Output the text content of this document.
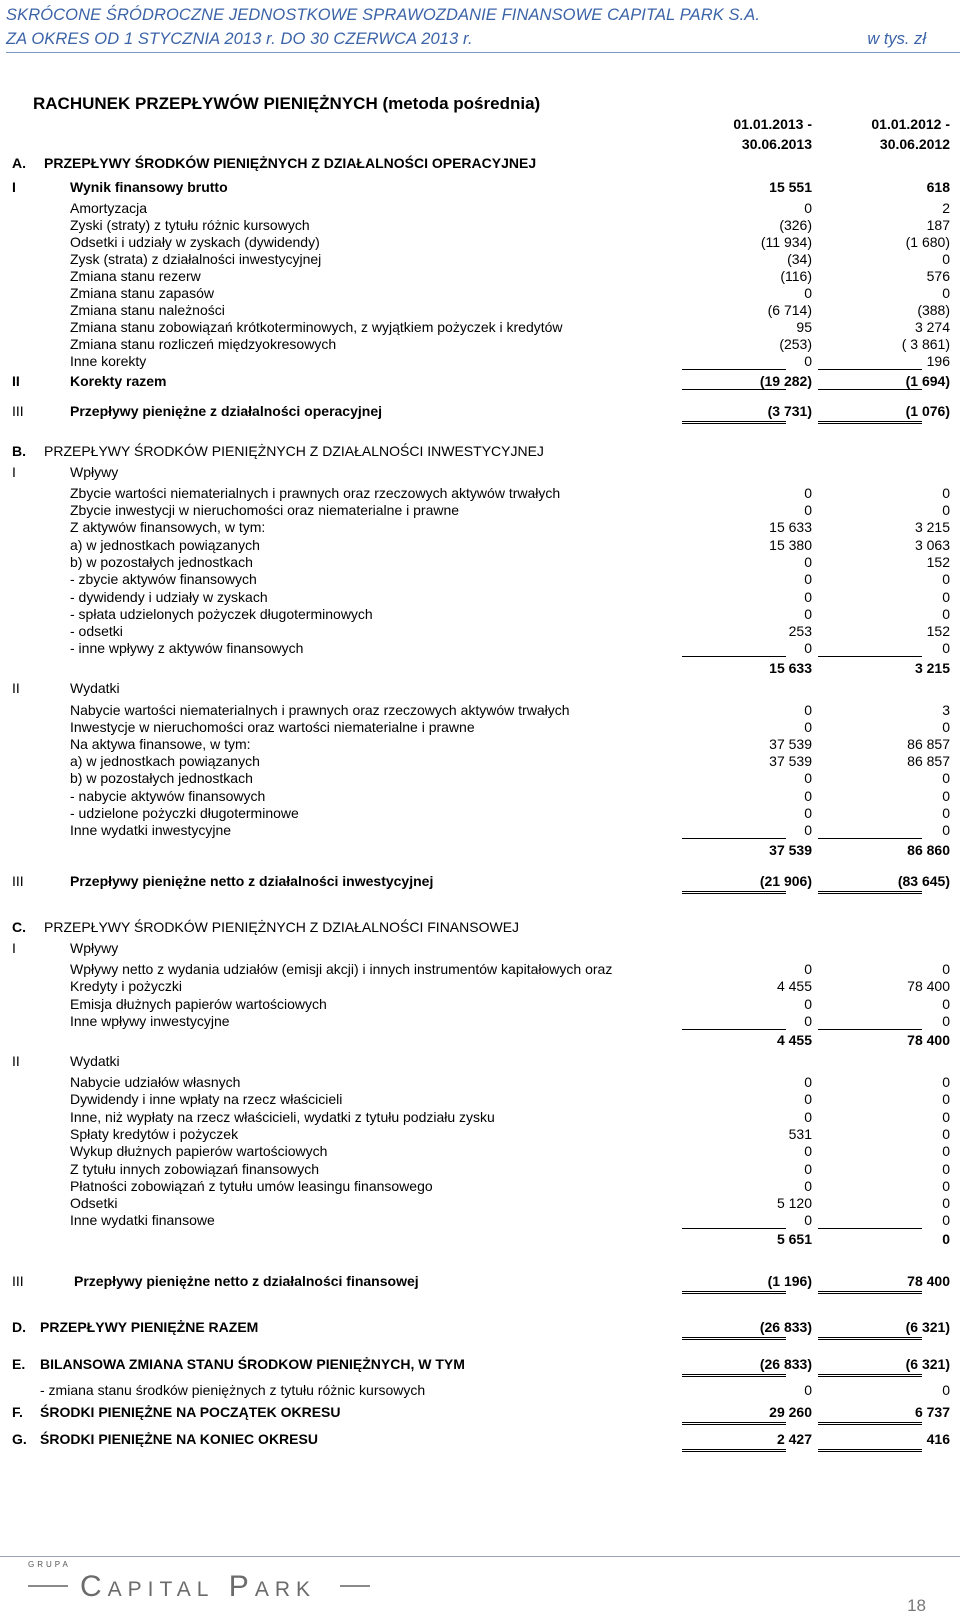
SKRÓCONE ŚRÓDROCZNE JEDNOSTKOWE SPRAWOZDANIE FINANSOWE CAPITAL PARK S.A.
ZA OKRES OD 1 STYCZNIA 2013 r. DO 30 CZERWCA 2013 r.	w tys. zł
RACHUNEK PRZEPŁYWÓW PIENIĘŻNYCH (metoda pośrednia)
01.01.2013 -
30.06.2013
01.01.2012 -
30.06.2012
A. PRZEPŁYWY ŚRODKÓW PIENIĘŻNYCH Z DZIAŁALNOŚCI OPERACYJNEJ
I	Wynik finansowy brutto	15 551	618
Amortyzacja	0	2
Zyski (straty) z tytułu różnic kursowych	(326)	187
Odsetki i udziały w zyskach (dywidendy)	(11 934)	(1 680)
Zysk (strata) z działalności inwestycyjnej	(34)	0
Zmiana stanu rezerw	(116)	576
Zmiana stanu zapasów	0	0
Zmiana stanu należności	(6 714)	(388)
Zmiana stanu zobowiązań krótkoterminowych, z wyjątkiem pożyczek i kredytów	95	3 274
Zmiana stanu rozliczeń międzyokresowych	(253)	( 3 861)
Inne korekty	0	196
II	Korekty razem	(19 282)	(1 694)
III	Przepływy pieniężne z działalności operacyjnej	(3 731)	(1 076)
B. PRZEPŁYWY ŚRODKÓW PIENIĘŻNYCH Z DZIAŁALNOŚCI INWESTYCYJNEJ
I	Wpływy
Zbycie wartości niematerialnych i prawnych oraz rzeczowych aktywów trwałych	0	0
Zbycie inwestycji w nieruchomości oraz niematerialne i prawne	0	0
Z aktywów finansowych, w tym:	15 633	3 215
a) w jednostkach powiązanych	15 380	3 063
b) w pozostałych jednostkach	0	152
- zbycie aktywów finansowych	0	0
- dywidendy i udziały w zyskach	0	0
- spłata udzielonych pożyczek długoterminowych	0	0
- odsetki	253	152
- inne wpływy z aktywów finansowych	0	0
15 633	3 215
II	Wydatki
Nabycie wartości niematerialnych i prawnych oraz rzeczowych aktywów trwałych	0	3
Inwestycje w nieruchomości oraz wartości niematerialne i prawne	0	0
Na aktywa finansowe, w tym:	37 539	86 857
a) w jednostkach powiązanych	37 539	86 857
b) w pozostałych jednostkach	0	0
- nabycie aktywów finansowych	0	0
- udzielone pożyczki długoterminowe	0	0
Inne wydatki inwestycyjne	0	0
37 539	86 860
III	Przepływy pieniężne netto z działalności inwestycyjnej	(21 906)	(83 645)
C. PRZEPŁYWY ŚRODKÓW PIENIĘŻNYCH Z DZIAŁALNOŚCI FINANSOWEJ
I	Wpływy
Wpływy netto z wydania udziałów (emisji akcji) i innych instrumentów kapitałowych oraz	0	0
Kredyty i pożyczki	4 455	78 400
Emisja dłużnych papierów wartościowych	0	0
Inne wpływy inwestycyjne	0	0
4 455	78 400
II	Wydatki
Nabycie udziałów własnych	0	0
Dywidendy i inne wpłaty na rzecz właścicieli	0	0
Inne, niż wypłaty na rzecz właścicieli, wydatki z tytułu podziału zysku	0	0
Spłaty kredytów i pożyczek	531	0
Wykup dłużnych papierów wartościowych	0	0
Z tytułu innych zobowiązań finansowych	0	0
Płatności zobowiązań z tytułu umów leasingu finansowego	0	0
Odsetki	5 120	0
Inne wydatki finansowe	0	0
5 651	0
III	Przepływy pieniężne netto z działalności finansowej	(1 196)	78 400
D. PRZEPŁYWY PIENIĘŻNE RAZEM	(26 833)	(6 321)
E. BILANSOWA ZMIANA STANU ŚRODKOW PIENIĘŻNYCH, W TYM	(26 833)	(6 321)
- zmiana stanu środków pieniężnych z tytułu różnic kursowych	0	0
F. ŚRODKI PIENIĘŻNE NA POCZĄTEK OKRESU	29 260	6 737
G. ŚRODKI PIENIĘŻNE NA KONIEC OKRESU	2 427	416
GRUPA
Capital Park
18
